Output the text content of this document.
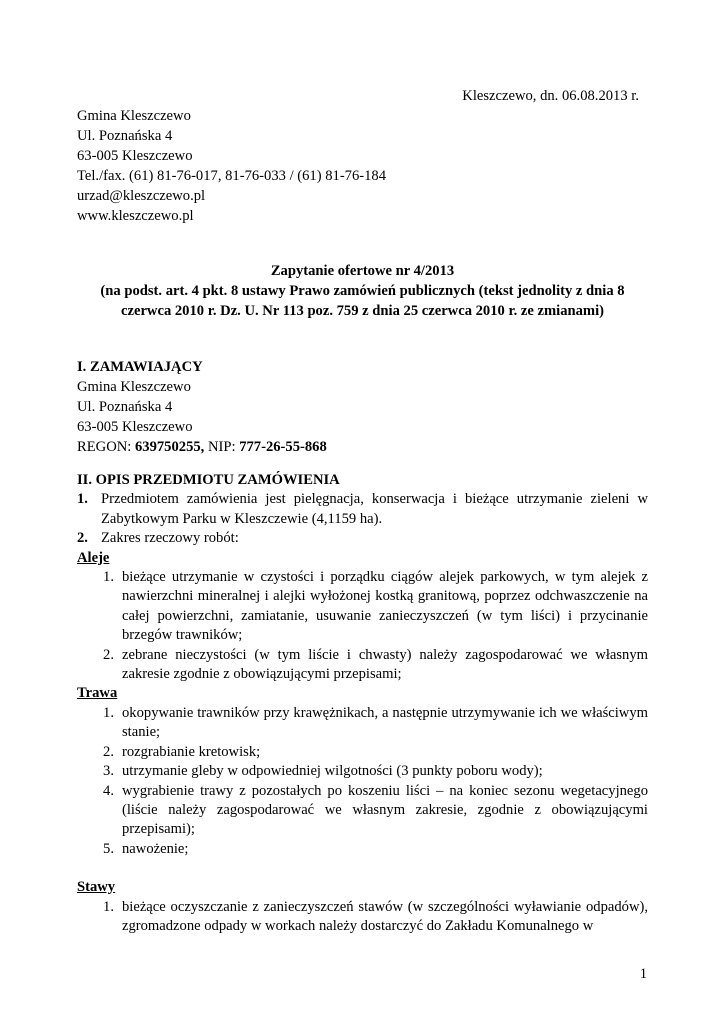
Kleszczewo, dn. 06.08.2013 r.
Gmina Kleszczewo
Ul. Poznańska 4
63-005 Kleszczewo
Tel./fax. (61) 81-76-017, 81-76-033 / (61) 81-76-184
urzad@kleszczewo.pl
www.kleszczewo.pl
Zapytanie ofertowe nr 4/2013
(na podst. art. 4 pkt. 8 ustawy Prawo zamówień publicznych (tekst jednolity z dnia 8 czerwca 2010 r. Dz. U. Nr 113 poz. 759 z dnia 25 czerwca 2010 r. ze zmianami)
I. ZAMAWIAJĄCY
Gmina Kleszczewo
Ul. Poznańska 4
63-005 Kleszczewo
REGON: 639750255, NIP: 777-26-55-868
II. OPIS PRZEDMIOTU ZAMÓWIENIA
1. Przedmiotem zamówienia jest pielęgnacja, konserwacja i bieżące utrzymanie zieleni w Zabytkowym Parku w Kleszczewie (4,1159 ha).
2. Zakres rzeczowy robót:
Aleje
1. bieżące utrzymanie w czystości i porządku ciągów alejek parkowych, w tym alejek z nawierzchni mineralnej i alejki wyłożonej kostką granitową, poprzez odchwaszczenie na całej powierzchni, zamiatanie, usuwanie zanieczyszczeń (w tym liści) i przycinanie brzegów trawników;
2. zebrane nieczystości (w tym liście i chwasty) należy zagospodarować we własnym zakresie zgodnie z obowiązującymi przepisami;
Trawa
1. okopywanie trawników przy krawężnikach, a następnie utrzymywanie ich we właściwym stanie;
2. rozgrabianie kretowisk;
3. utrzymanie gleby w odpowiedniej wilgotności (3 punkty poboru wody);
4. wygrabienie trawy z pozostałych po koszeniu liści – na koniec sezonu wegetacyjnego (liście należy zagospodarować we własnym zakresie, zgodnie z obowiązującymi przepisami);
5. nawożenie;
Stawy
1. bieżące oczyszczanie z zanieczyszczeń stawów (w szczególności wyławianie odpadów), zgromadzone odpady w workach należy dostarczyć do Zakładu Komunalnego w
1
